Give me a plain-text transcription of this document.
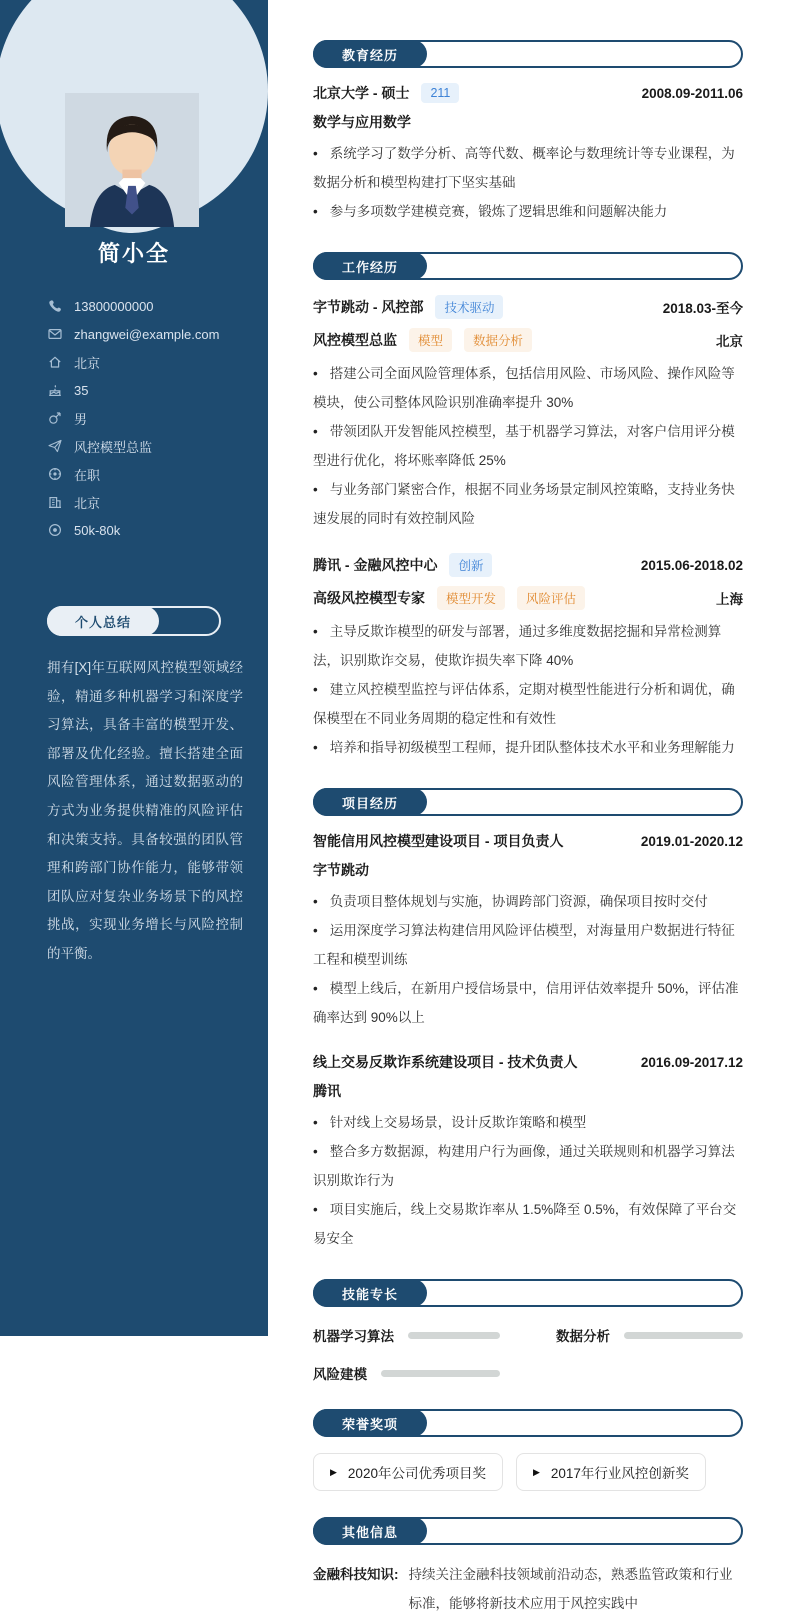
简小全
13800000000
zhangwei@example.com
北京
35
男
风控模型总监
在职
北京
50k-80k
个人总结

拥有[X]年互联网风控模型领域经验，精通多种机器学习和深度学习算法，具备丰富的模型开发、部署及优化经验。擅长搭建全面风险管理体系，通过数据驱动的方式为业务提供精准的风险评估和决策支持。具备较强的团队管理和跨部门协作能力，能够带领团队应对复杂业务场景下的风控挑战，实现业务增长与风险控制的平衡。

教育经历
北京大学 - 硕士	211	2008.09-2011.06
数学与应用数学

• 系统学习了数学分析、高等代数、概率论与数理统计等专业课程，为数据分析和模型构建打下坚实基础

• 参与多项数学建模竞赛，锻炼了逻辑思维和问题解决能力

工作经历
字节跳动 - 风控部	技术驱动	2018.03-至今
风控模型总监	模型	数据分析	北京

• 搭建公司全面风险管理体系，包括信用风险、市场风险、操作风险等模块，使公司整体风险识别准确率提升 30%

• 带领团队开发智能风控模型，基于机器学习算法，对客户信用评分模型进行优化，将坏账率降低 25%

• 与业务部门紧密合作，根据不同业务场景定制风控策略，支持业务快速发展的同时有效控制风险

腾讯 - 金融风控中心	创新	2015.06-2018.02
高级风控模型专家	模型开发	风险评估	上海

• 主导反欺诈模型的研发与部署，通过多维度数据挖掘和异常检测算法，识别欺诈交易，使欺诈损失率下降 40%

• 建立风控模型监控与评估体系，定期对模型性能进行分析和调优，确保模型在不同业务周期的稳定性和有效性

• 培养和指导初级模型工程师，提升团队整体技术水平和业务理解能力

项目经历
智能信用风控模型建设项目 - 项目负责人	2019.01-2020.12
字节跳动

• 负责项目整体规划与实施，协调跨部门资源，确保项目按时交付

• 运用深度学习算法构建信用风险评估模型，对海量用户数据进行特征工程和模型训练

• 模型上线后，在新用户授信场景中，信用评估效率提升 50%，评估准确率达到 90%以上

线上交易反欺诈系统建设项目 - 技术负责人	2016.09-2017.12
腾讯

• 针对线上交易场景，设计反欺诈策略和模型

• 整合多方数据源，构建用户行为画像，通过关联规则和机器学习算法识别欺诈行为

• 项目实施后，线上交易欺诈率从 1.5%降至 0.5%，有效保障了平台交易安全

技能专长
机器学习算法	数据分析
风险建模
荣誉奖项
▶ 2020年公司优秀项目奖	▶ 2017年行业风控创新奖
其他信息
金融科技知识: 持续关注金融科技领域前沿动态，熟悉监管政策和行业标准，能够将新技术应用于风控实践中
